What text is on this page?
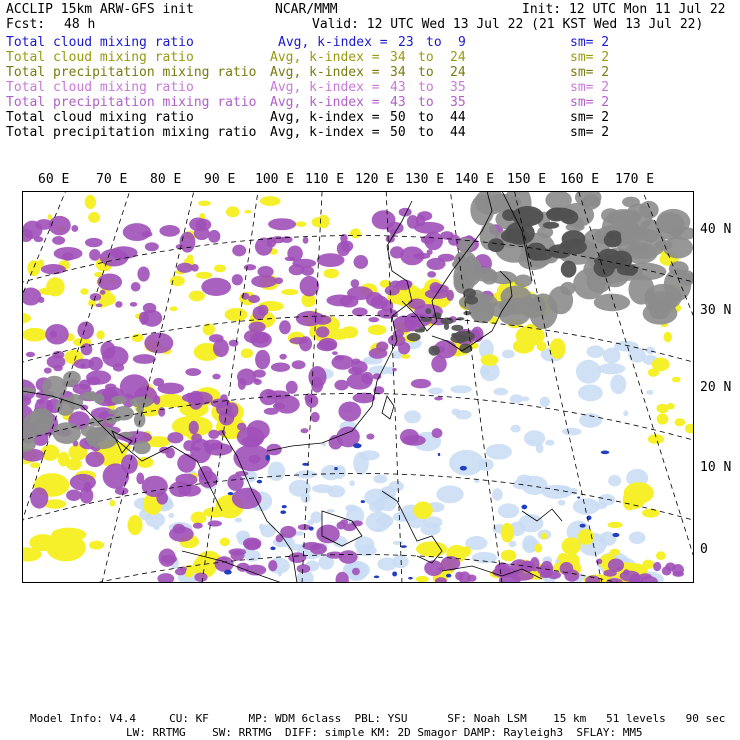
ACCLIP 15km ARW-GFS init	NCAR/MMM	Init: 12 UTC Mon 11 Jul 22
Fcst: 48 h	Valid: 12 UTC Wed 13 Jul 22 (21 KST Wed 13 Jul 22)
Total cloud mixing ratio	Avg, k-index = 23 to 9	sm= 2
Total cloud mixing ratio	Avg, k-index = 34 to 24	sm= 2
Total precipitation mixing ratio Avg, k-index = 34 to 24	sm= 2
Total cloud mixing ratio	Avg, k-index = 43 to 35	sm= 2
Total precipitation mixing ratio Avg, k-index = 43 to 35	sm= 2
Total cloud mixing ratio	Avg, k-index = 50 to 44	sm= 2
Total precipitation mixing ratio Avg, k-index = 50 to 44	sm= 2
60 E 70 E 80 E 90 E 100 E 110 E 120 E 130 E 140 E 150 E 160 E 170 E
40 N
30 N
20 N
10 N
0
Model Info: V4.4     CU: KF      MP: WDM 6class  PBL: YSU      SF: Noah LSM    15 km   51 levels   90 sec
LW: RRTMG    SW: RRTMG  DIFF: simple KM: 2D Smagor DAMP: Rayleigh3  SFLAY: MM5
